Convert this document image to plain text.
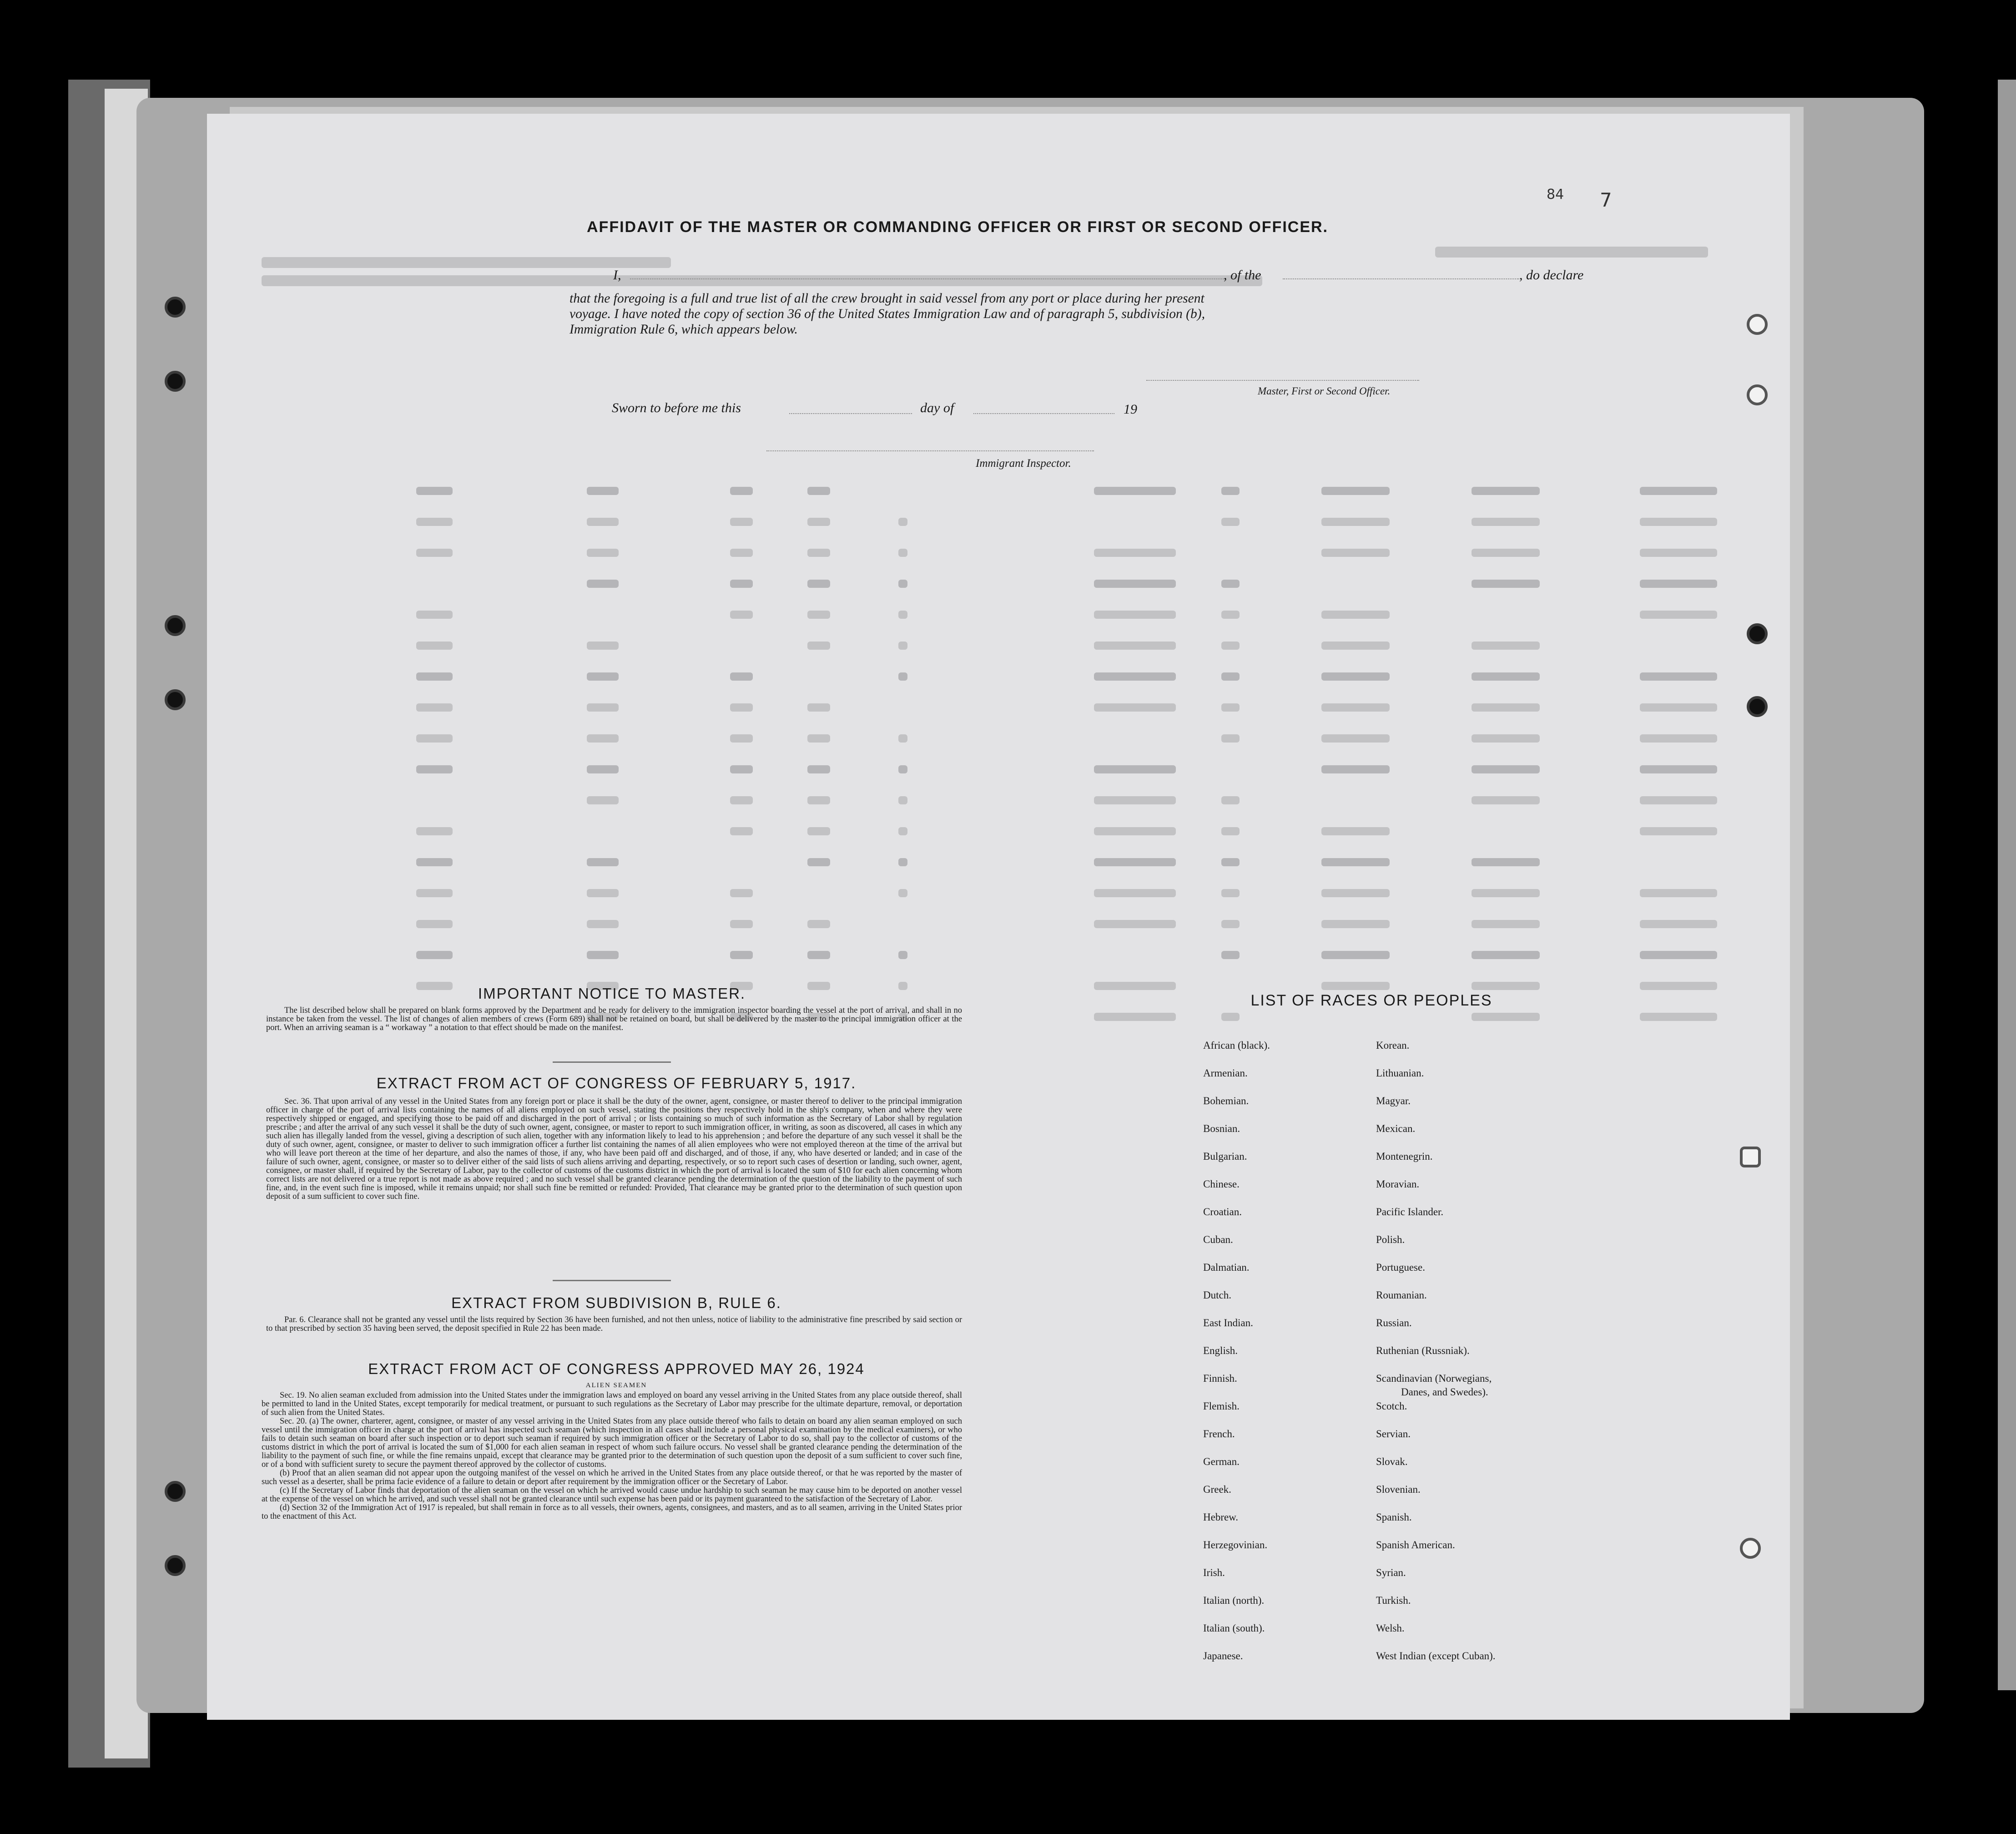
84 7
AFFIDAVIT OF THE MASTER OR COMMANDING OFFICER OR FIRST OR SECOND OFFICER.
I,	, of the	, do declare
that the foregoing is a full and true list of all the crew brought in said vessel from any port or place during her present
voyage. I have noted the copy of section 36 of the United States Immigration Law and of paragraph 5, subdivision (b),
Immigration Rule 6, which appears below.
Master, First or Second Officer.
Sworn to before me this	day of	19
Immigrant Inspector.
IMPORTANT NOTICE TO MASTER.

The list described below shall be prepared on blank forms approved by the Department and be ready for delivery to the immigration inspector boarding the vessel at the port of arrival, and shall in no instance be taken from the vessel. The list of changes of alien members of crews (Form 689) shall not be retained on board, but shall be delivered by the master to the principal immigration officer at the port. When an arriving seaman is a “ workaway ” a notation to that effect should be made on the manifest.

EXTRACT FROM ACT OF CONGRESS OF FEBRUARY 5, 1917.

Sec. 36. That upon arrival of any vessel in the United States from any foreign port or place it shall be the duty of the owner, agent, consignee, or master thereof to deliver to the principal immigration officer in charge of the port of arrival lists containing the names of all aliens employed on such vessel, stating the positions they respectively hold in the ship's company, when and where they were respectively shipped or engaged, and specifying those to be paid off and discharged in the port of arrival ; or lists containing so much of such information as the Secretary of Labor shall by regulation prescribe ; and after the arrival of any such vessel it shall be the duty of such owner, agent, consignee, or master to report to such immigration officer, in writing, as soon as discovered, all cases in which any such alien has illegally landed from the vessel, giving a description of such alien, together with any information likely to lead to his apprehension ; and before the departure of any such vessel it shall be the duty of such owner, agent, consignee, or master to deliver to such immigration officer a further list containing the names of all alien employees who were not employed thereon at the time of the arrival but who will leave port thereon at the time of her departure, and also the names of those, if any, who have been paid off and discharged, and of those, if any, who have deserted or landed; and in case of the failure of such owner, agent, consignee, or master so to deliver either of the said lists of such aliens arriving and departing, respectively, or so to report such cases of desertion or landing, such owner, agent, consignee, or master shall, if required by the Secretary of Labor, pay to the collector of customs of the customs district in which the port of arrival is located the sum of $10 for each alien concerning whom correct lists are not delivered or a true report is not made as above required ; and no such vessel shall be granted clearance pending the determination of the question of the liability to the payment of such fine, and, in the event such fine is imposed, while it remains unpaid; nor shall such fine be remitted or refunded: Provided, That clearance may be granted prior to the determination of such question upon deposit of a sum sufficient to cover such fine.

EXTRACT FROM SUBDIVISION B, RULE 6.

Par. 6. Clearance shall not be granted any vessel until the lists required by Section 36 have been furnished, and not then unless, notice of liability to the administrative fine prescribed by said section or to that prescribed by section 35 having been served, the deposit specified in Rule 22 has been made.

EXTRACT FROM ACT OF CONGRESS APPROVED MAY 26, 1924
ALIEN SEAMEN

Sec. 19. No alien seaman excluded from admission into the United States under the immigration laws and employed on board any vessel arriving in the United States from any place outside thereof, shall be permitted to land in the United States, except temporarily for medical treatment, or pursuant to such regulations as the Secretary of Labor may prescribe for the ultimate departure, removal, or deportation of such alien from the United States.

Sec. 20. (a) The owner, charterer, agent, consignee, or master of any vessel arriving in the United States from any place outside thereof who fails to detain on board any alien seaman employed on such vessel until the immigration officer in charge at the port of arrival has inspected such seaman (which inspection in all cases shall include a personal physical examination by the medical examiners), or who fails to detain such seaman on board after such inspection or to deport such seaman if required by such immigration officer or the Secretary of Labor to do so, shall pay to the collector of customs of the customs district in which the port of arrival is located the sum of $1,000 for each alien seaman in respect of whom such failure occurs. No vessel shall be granted clearance pending the determination of the liability to the payment of such fine, or while the fine remains unpaid, except that clearance may be granted prior to the determination of such question upon the deposit of a sum sufficient to cover such fine, or of a bond with sufficient surety to secure the payment thereof approved by the collector of customs.

(b) Proof that an alien seaman did not appear upon the outgoing manifest of the vessel on which he arrived in the United States from any place outside thereof, or that he was reported by the master of such vessel as a deserter, shall be prima facie evidence of a failure to detain or deport after requirement by the immigration officer or the Secretary of Labor.

(c) If the Secretary of Labor finds that deportation of the alien seaman on the vessel on which he arrived would cause undue hardship to such seaman he may cause him to be deported on another vessel at the expense of the vessel on which he arrived, and such vessel shall not be granted clearance until such expense has been paid or its payment guaranteed to the satisfaction of the Secretary of Labor.

(d) Section 32 of the Immigration Act of 1917 is repealed, but shall remain in force as to all vessels, their owners, agents, consignees, and masters, and as to all seamen, arriving in the United States prior to the enactment of this Act.

LIST OF RACES OR PEOPLES
African (black).
Armenian.
Bohemian.
Bosnian.
Bulgarian.
Chinese.
Croatian.
Cuban.
Dalmatian.
Dutch.
East Indian.
English.
Finnish.
Flemish.
French.
German.
Greek.
Hebrew.
Herzegovinian.
Irish.
Italian (north).
Italian (south).
Japanese.
Korean.
Lithuanian.
Magyar.
Mexican.
Montenegrin.
Moravian.
Pacific Islander.
Polish.
Portuguese.
Roumanian.
Russian.
Ruthenian (Russniak).
Scandinavian (Norwegians,
Danes, and Swedes).
Scotch.
Servian.
Slovak.
Slovenian.
Spanish.
Spanish American.
Syrian.
Turkish.
Welsh.
West Indian (except Cuban).
